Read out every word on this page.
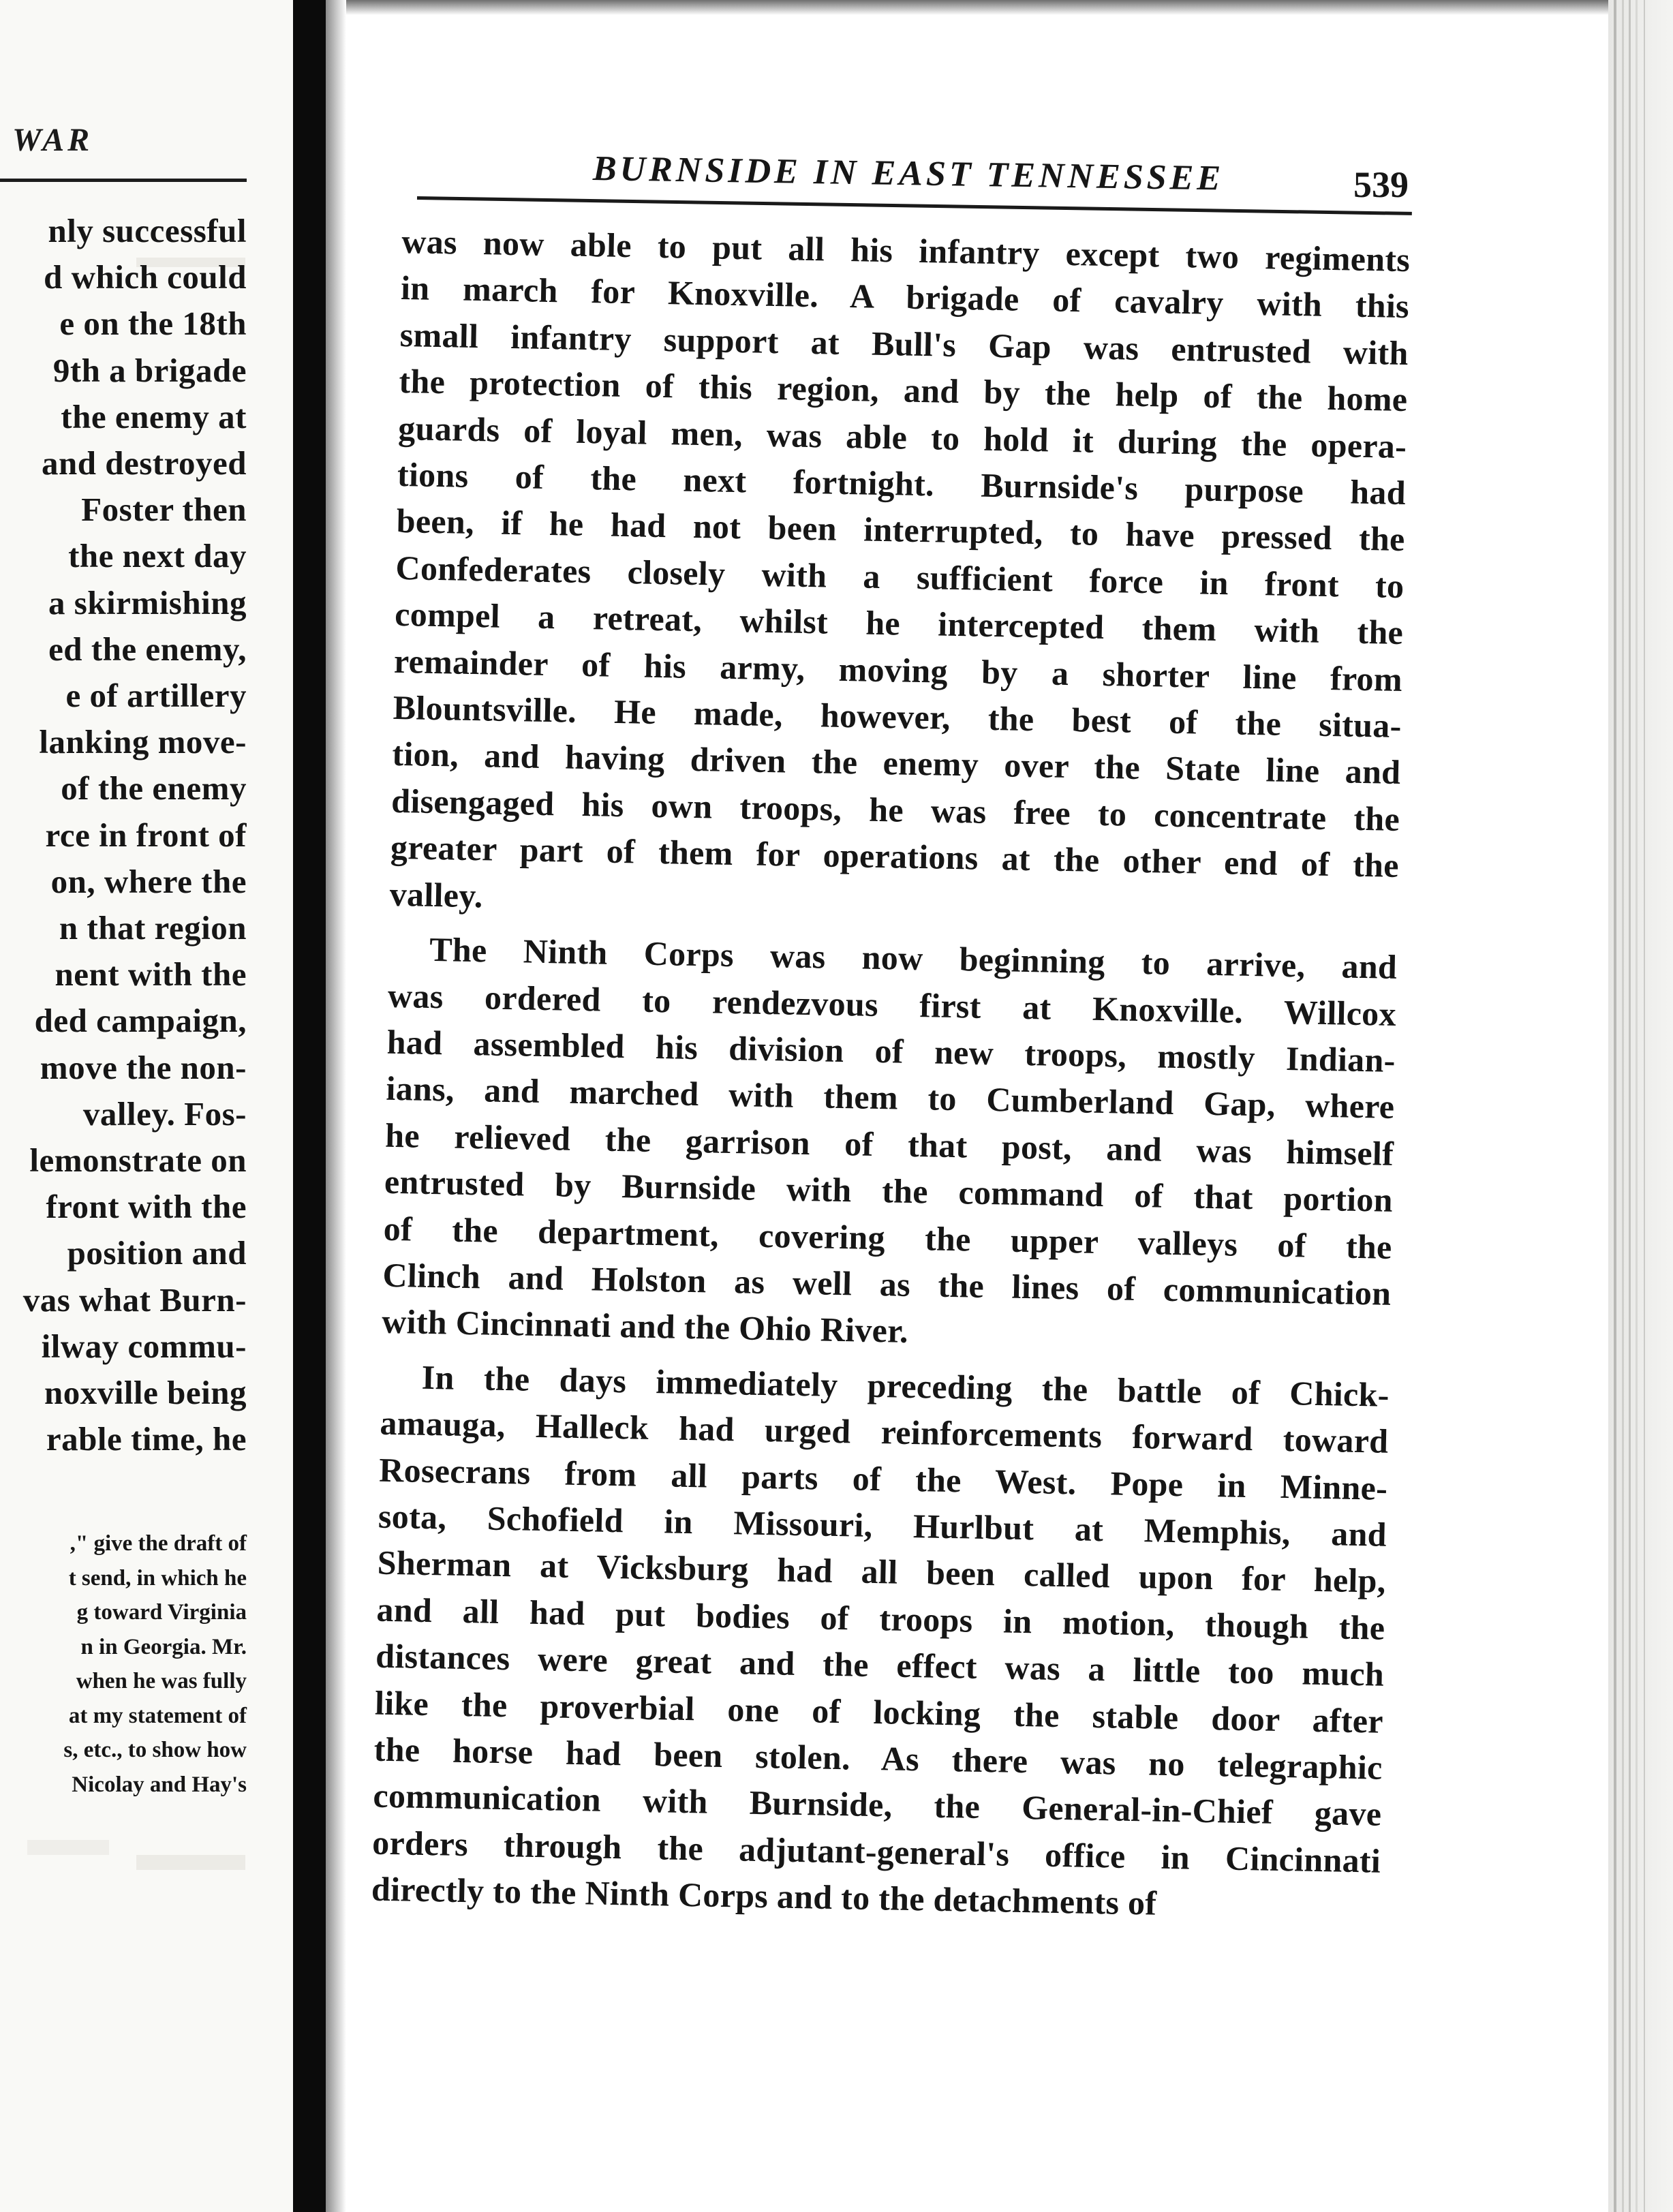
WAR
nly successful
d which could
e on the 18th
9th a brigade
the enemy at
and destroyed
Foster then
the next day
a skirmishing
ed the enemy,
e of artillery
lanking move-
of the enemy
rce in front of
on, where the
n that region
nent with the
ded campaign,
move the non-
valley. Fos-
lemonstrate on
front with the
position and
vas what Burn-
ilway commu-
noxville being
rable time, he
," give the draft of
t send, in which he
g toward Virginia
n in Georgia. Mr.
when he was fully
at my statement of
s, etc., to show how
Nicolay and Hay's
BURNSIDE IN EAST TENNESSEE	539
was now able to put all his infantry except two regiments
in march for Knoxville. A brigade of cavalry with this
small infantry support at Bull's Gap was entrusted with
the protection of this region, and by the help of the home
guards of loyal men, was able to hold it during the opera-
tions of the next fortnight. Burnside's purpose had
been, if he had not been interrupted, to have pressed the
Confederates closely with a sufficient force in front to
compel a retreat, whilst he intercepted them with the
remainder of his army, moving by a shorter line from
Blountsville. He made, however, the best of the situa-
tion, and having driven the enemy over the State line and
disengaged his own troops, he was free to concentrate the
greater part of them for operations at the other end of the
valley.
The Ninth Corps was now beginning to arrive, and
was ordered to rendezvous first at Knoxville. Willcox
had assembled his division of new troops, mostly Indian-
ians, and marched with them to Cumberland Gap, where
he relieved the garrison of that post, and was himself
entrusted by Burnside with the command of that portion
of the department, covering the upper valleys of the
Clinch and Holston as well as the lines of communication
with Cincinnati and the Ohio River.
In the days immediately preceding the battle of Chick-
amauga, Halleck had urged reinforcements forward toward
Rosecrans from all parts of the West. Pope in Minne-
sota, Schofield in Missouri, Hurlbut at Memphis, and
Sherman at Vicksburg had all been called upon for help,
and all had put bodies of troops in motion, though the
distances were great and the effect was a little too much
like the proverbial one of locking the stable door after
the horse had been stolen. As there was no telegraphic
communication with Burnside, the General-in-Chief gave
orders through the adjutant-general's office in Cincinnati
directly to the Ninth Corps and to the detachments of
